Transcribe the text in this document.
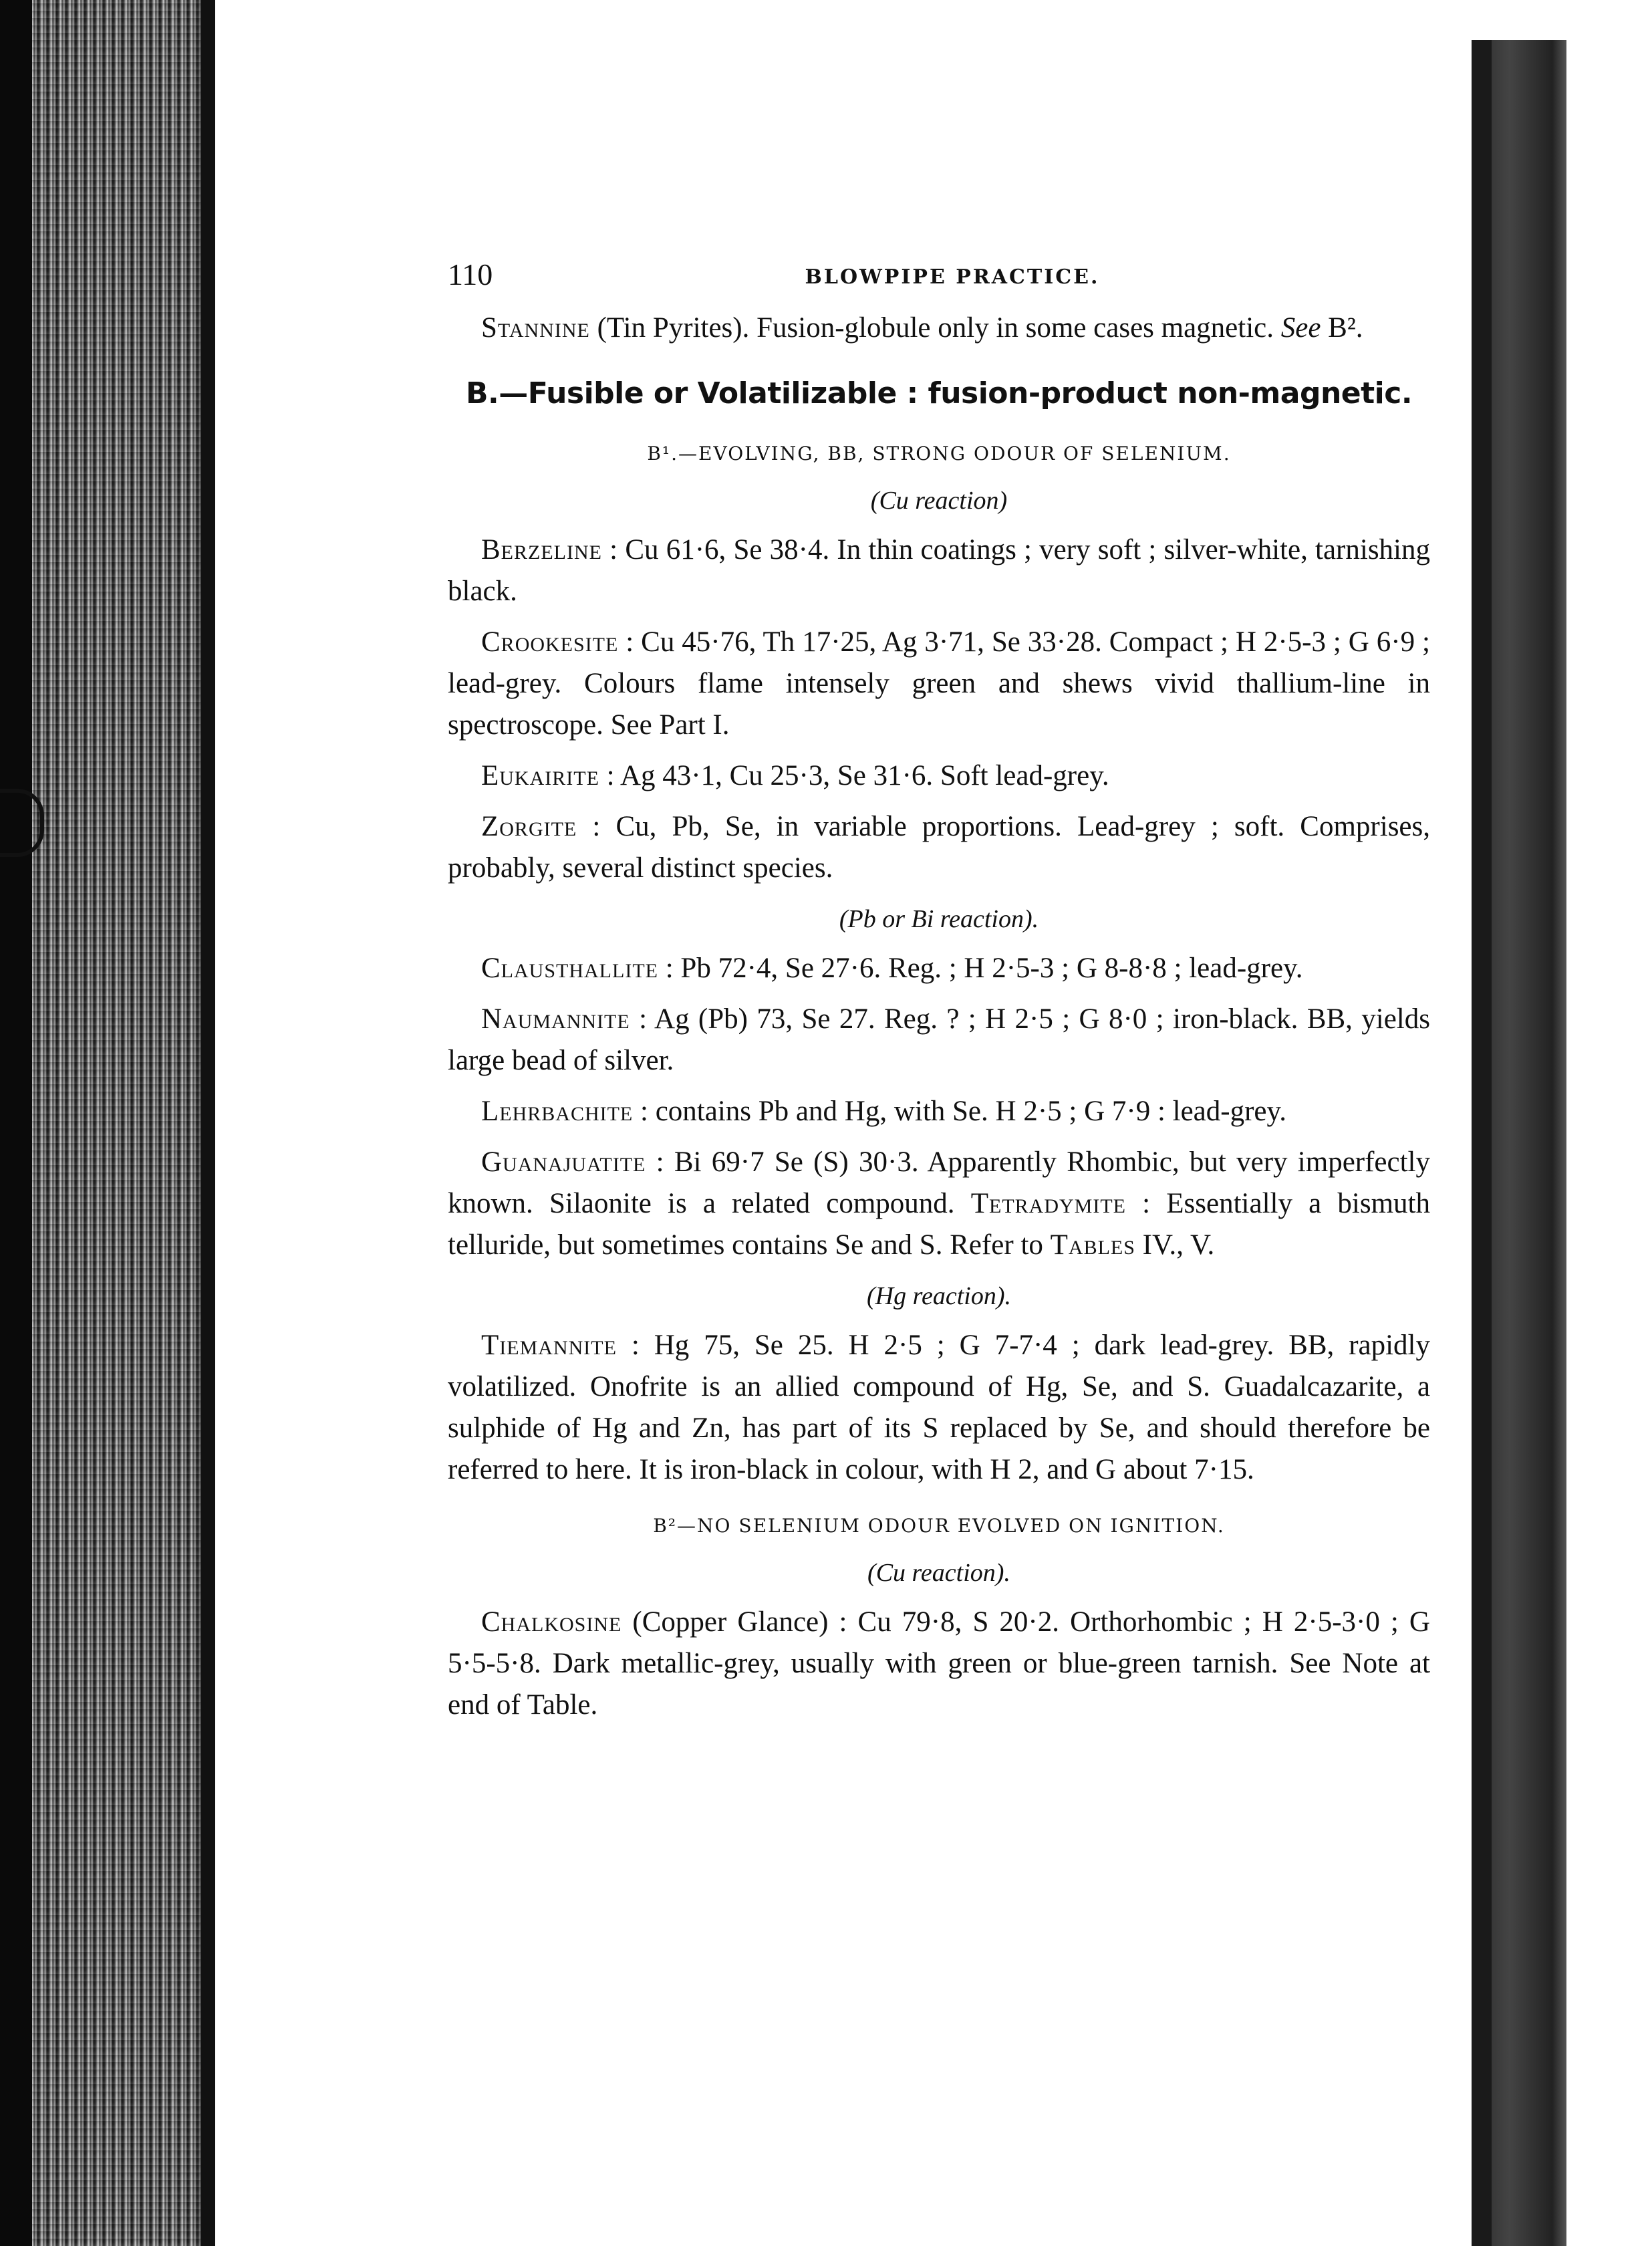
110	BLOWPIPE PRACTICE.

Stannine (Tin Pyrites). Fusion-globule only in some cases magnetic. See B².

B.—Fusible or Volatilizable : fusion-product non-magnetic.
B¹.—EVOLVING, BB, STRONG ODOUR OF SELENIUM.
(Cu reaction)

Berzeline : Cu 61·6, Se 38·4. In thin coatings ; very soft ; silver-white, tarnishing black.

Crookesite : Cu 45·76, Th 17·25, Ag 3·71, Se 33·28. Compact ; H 2·5-3 ; G 6·9 ; lead-grey. Colours flame intensely green and shews vivid thallium-line in spectroscope. See Part I.

Eukairite : Ag 43·1, Cu 25·3, Se 31·6. Soft lead-grey.

Zorgite : Cu, Pb, Se, in variable proportions. Lead-grey ; soft. Comprises, probably, several distinct species.

(Pb or Bi reaction).

Clausthallite : Pb 72·4, Se 27·6. Reg. ; H 2·5-3 ; G 8-8·8 ; lead-grey.

Naumannite : Ag (Pb) 73, Se 27. Reg. ? ; H 2·5 ; G 8·0 ; iron-black. BB, yields large bead of silver.

Lehrbachite : contains Pb and Hg, with Se. H 2·5 ; G 7·9 : lead-grey.

Guanajuatite : Bi 69·7 Se (S) 30·3. Apparently Rhombic, but very imperfectly known. Silaonite is a related compound. Tetradymite : Essentially a bismuth telluride, but sometimes contains Se and S. Refer to Tables IV., V.

(Hg reaction).

Tiemannite : Hg 75, Se 25. H 2·5 ; G 7-7·4 ; dark lead-grey. BB, rapidly volatilized. Onofrite is an allied compound of Hg, Se, and S. Guadalcazarite, a sulphide of Hg and Zn, has part of its S replaced by Se, and should therefore be referred to here. It is iron-black in colour, with H 2, and G about 7·15.

B²—NO SELENIUM ODOUR EVOLVED ON IGNITION.
(Cu reaction).

Chalkosine (Copper Glance) : Cu 79·8, S 20·2. Orthorhombic ; H 2·5-3·0 ; G 5·5-5·8. Dark metallic-grey, usually with green or blue-green tarnish. See Note at end of Table.
